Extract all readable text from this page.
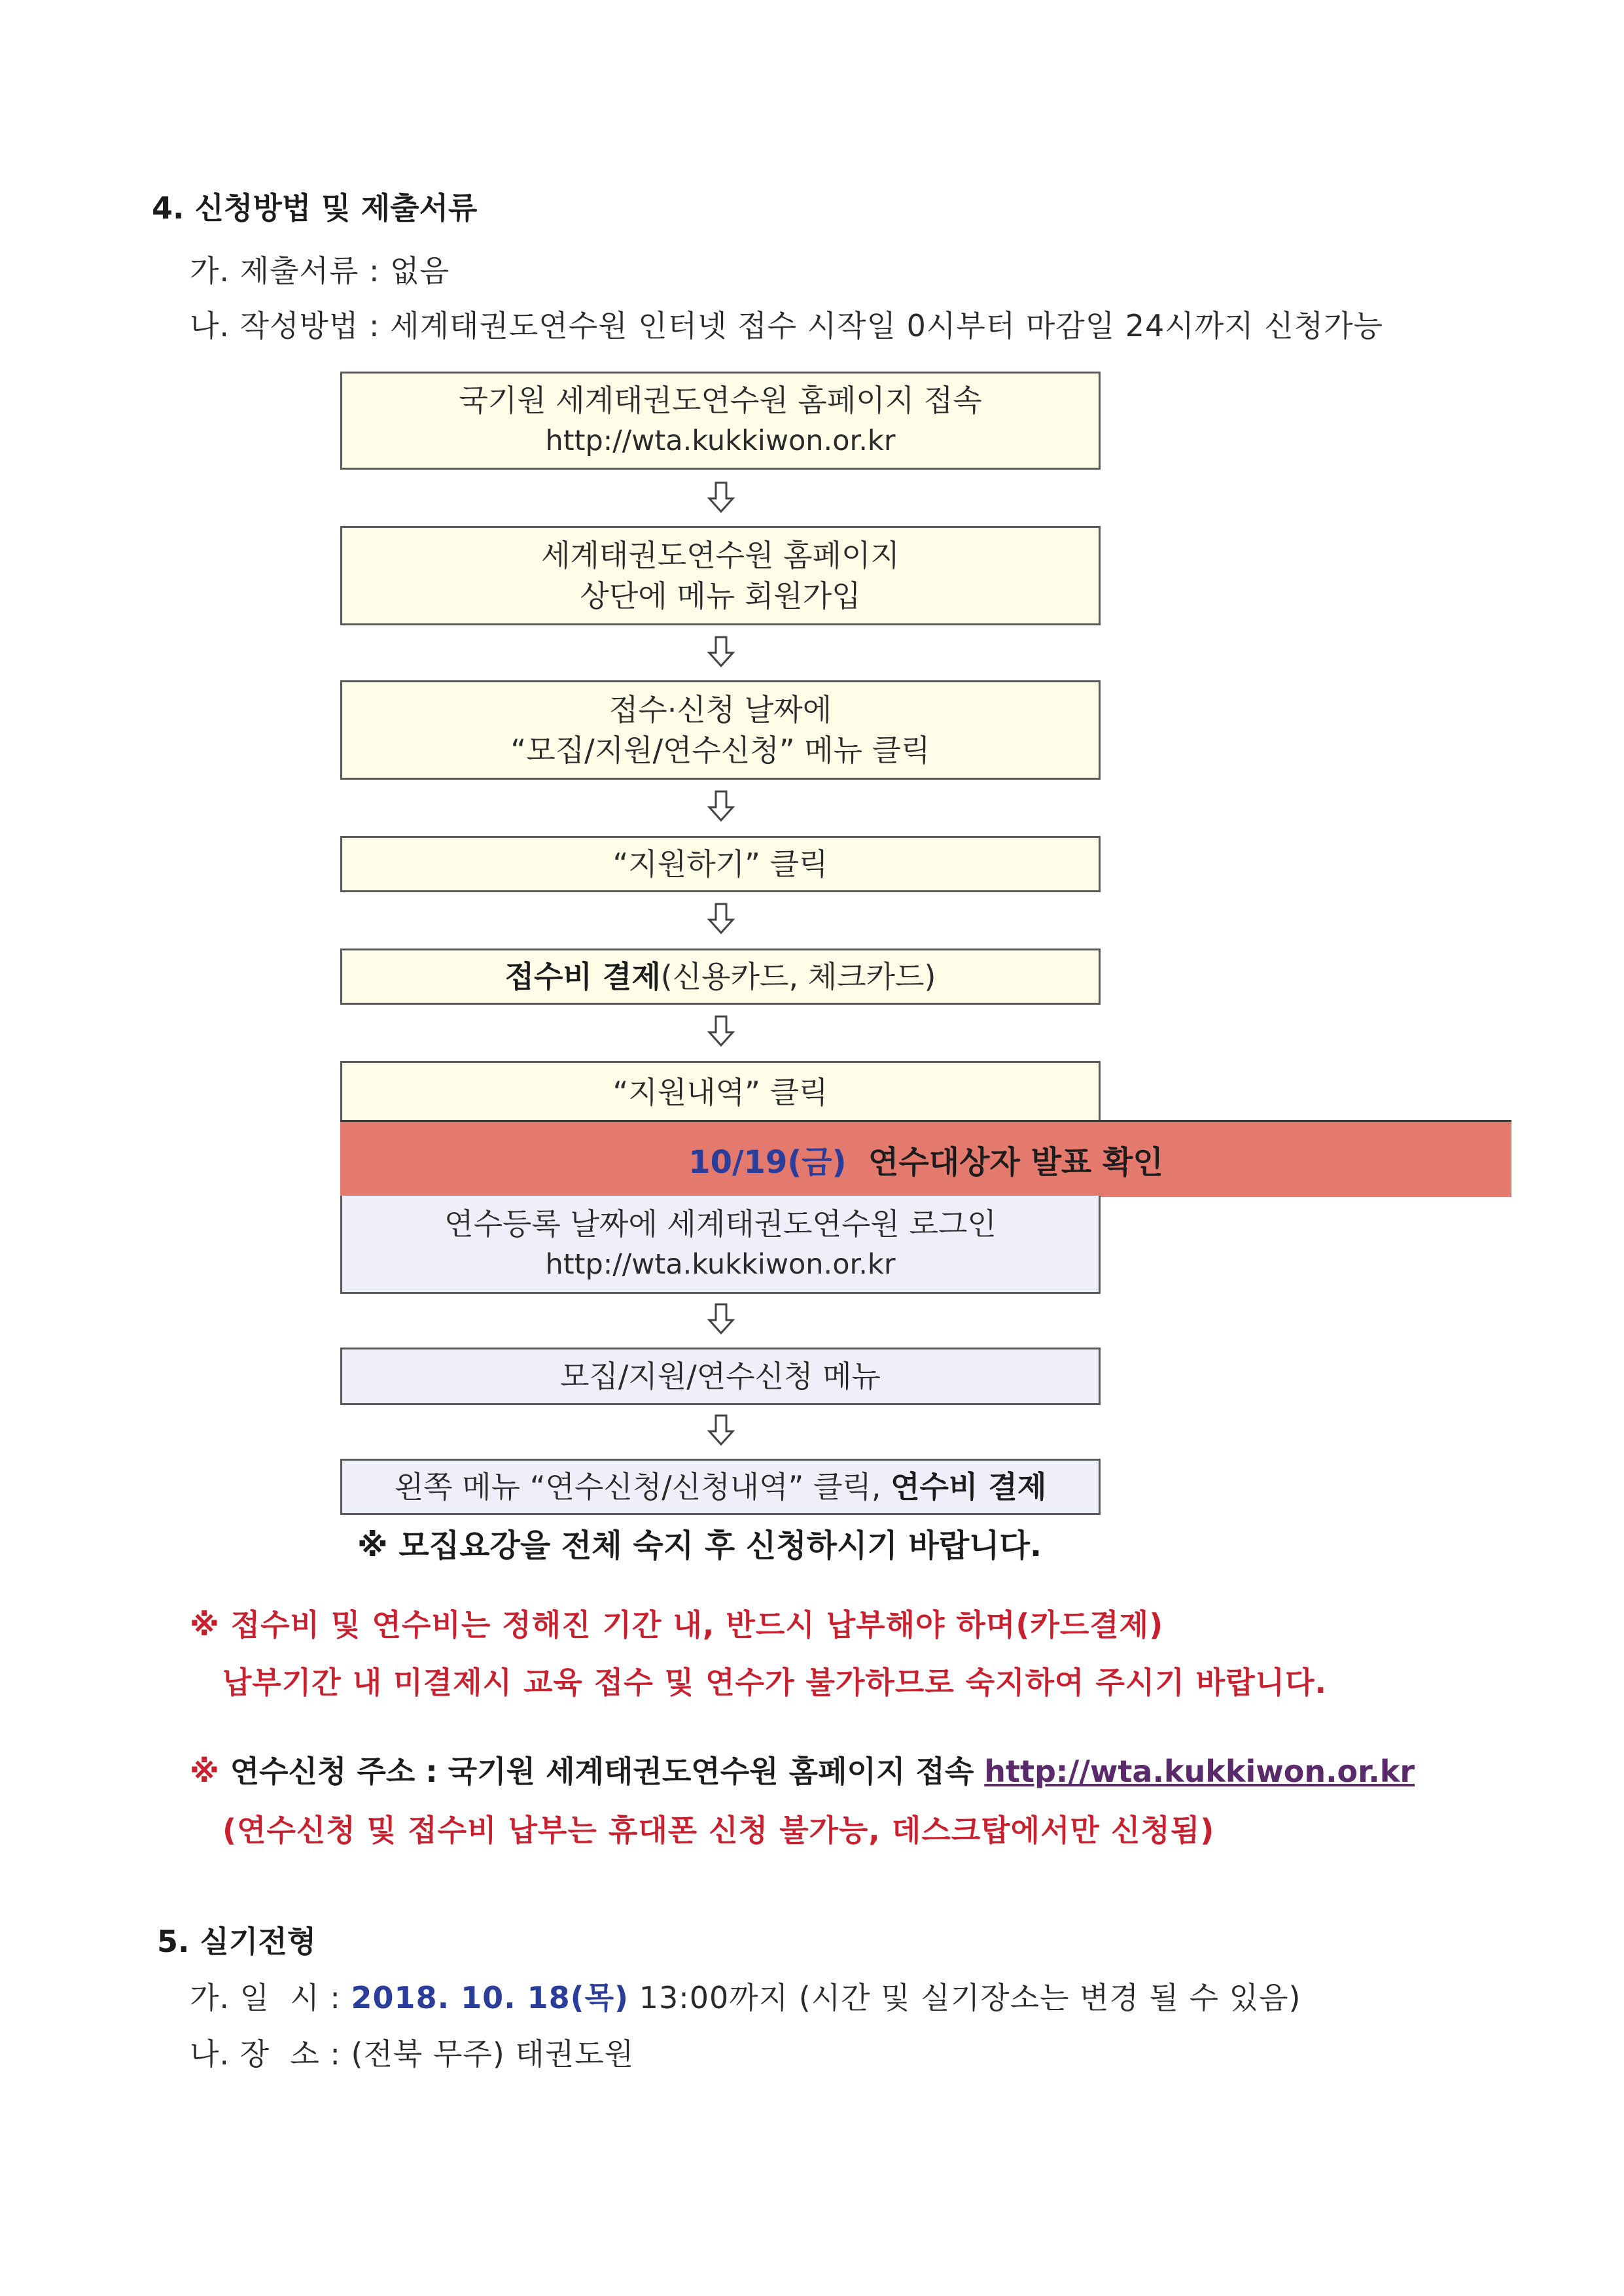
4. 신청방법 및 제출서류
가. 제출서류 : 없음
나. 작성방법 : 세계태권도연수원 인터넷 접수 시작일 0시부터 마감일 24시까지 신청가능
국기원 세계태권도연수원 홈페이지 접속
http://wta.kukkiwon.or.kr
세계태권도연수원 홈페이지
상단에 메뉴 회원가입
접수·신청 날짜에
“모집/지원/연수신청” 메뉴 클릭
“지원하기” 클릭
접수비 결제(신용카드, 체크카드)
“지원내역” 클릭
10/19(금)
연수대상자 발표 확인
연수등록 날짜에 세계태권도연수원 로그인
http://wta.kukkiwon.or.kr
모집/지원/연수신청 메뉴
왼쪽 메뉴 “연수신청/신청내역” 클릭, 연수비 결제
※ 모집요강을 전체 숙지 후 신청하시기 바랍니다.
※ 접수비 및 연수비는 정해진 기간 내, 반드시 납부해야 하며(카드결제)
납부기간 내 미결제시 교육 접수 및 연수가 불가하므로 숙지하여 주시기 바랍니다.
※ 연수신청 주소 : 국기원 세계태권도연수원 홈페이지 접속 http://wta.kukkiwon.or.kr
(연수신청 및 접수비 납부는 휴대폰 신청 불가능, 데스크탑에서만 신청됨)
5. 실기전형
가. 일  시 : 2018. 10. 18(목) 13:00까지 (시간 및 실기장소는 변경 될 수 있음)
나. 장  소 : (전북 무주) 태권도원
